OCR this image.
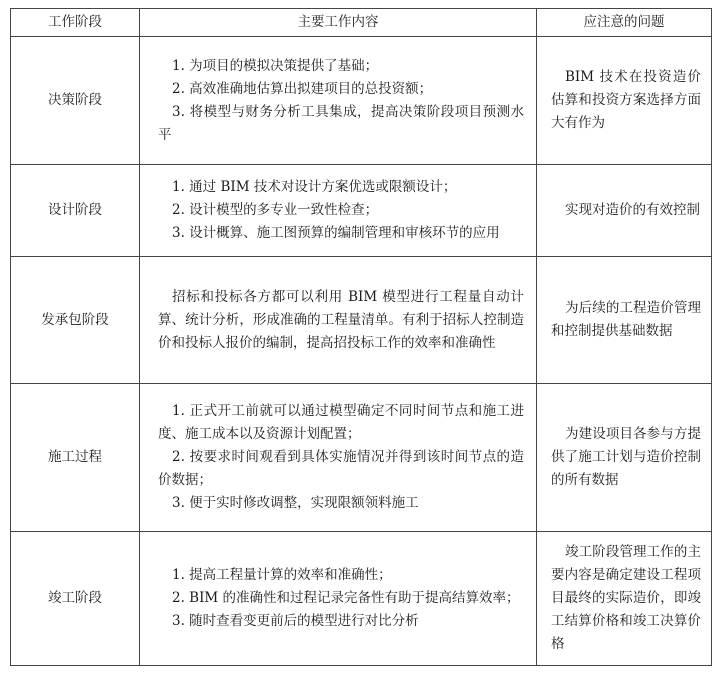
工作阶段	主要工作内容	应注意的问题
决策阶段	1. 为项目的模拟决策提供了基础；
2. 高效准确地估算出拟建项目的总投资额；
3. 将模型与财务分析工具集成，提高决策阶段项目预测水平	BIM 技术在投资造价估算和投资方案选择方面大有作为

设计阶段	1. 通过 BIM 技术对设计方案优选或限额设计；
2. 设计模型的多专业一致性检查；
3. 设计概算、施工图预算的编制管理和审核环节的应用	实现对造价的有效控制

发承包阶段	招标和投标各方都可以利用 BIM 模型进行工程量自动计算、统计分析，形成准确的工程量清单。有利于招标人控制造价和投标人报价的编制，提高招投标工作的效率和准确性	为后续的工程造价管理和控制提供基础数据

施工过程	1. 正式开工前就可以通过模型确定不同时间节点和施工进度、施工成本以及资源计划配置；
2. 按要求时间观看到具体实施情况并得到该时间节点的造价数据；
3. 便于实时修改调整，实现限额领料施工	为建设项目各参与方提供了施工计划与造价控制的所有数据

竣工阶段	1. 提高工程量计算的效率和准确性；
2. BIM 的准确性和过程记录完备性有助于提高结算效率；
3. 随时查看变更前后的模型进行对比分析	竣工阶段管理工作的主要内容是确定建设工程项目最终的实际造价，即竣工结算价格和竣工决算价格
